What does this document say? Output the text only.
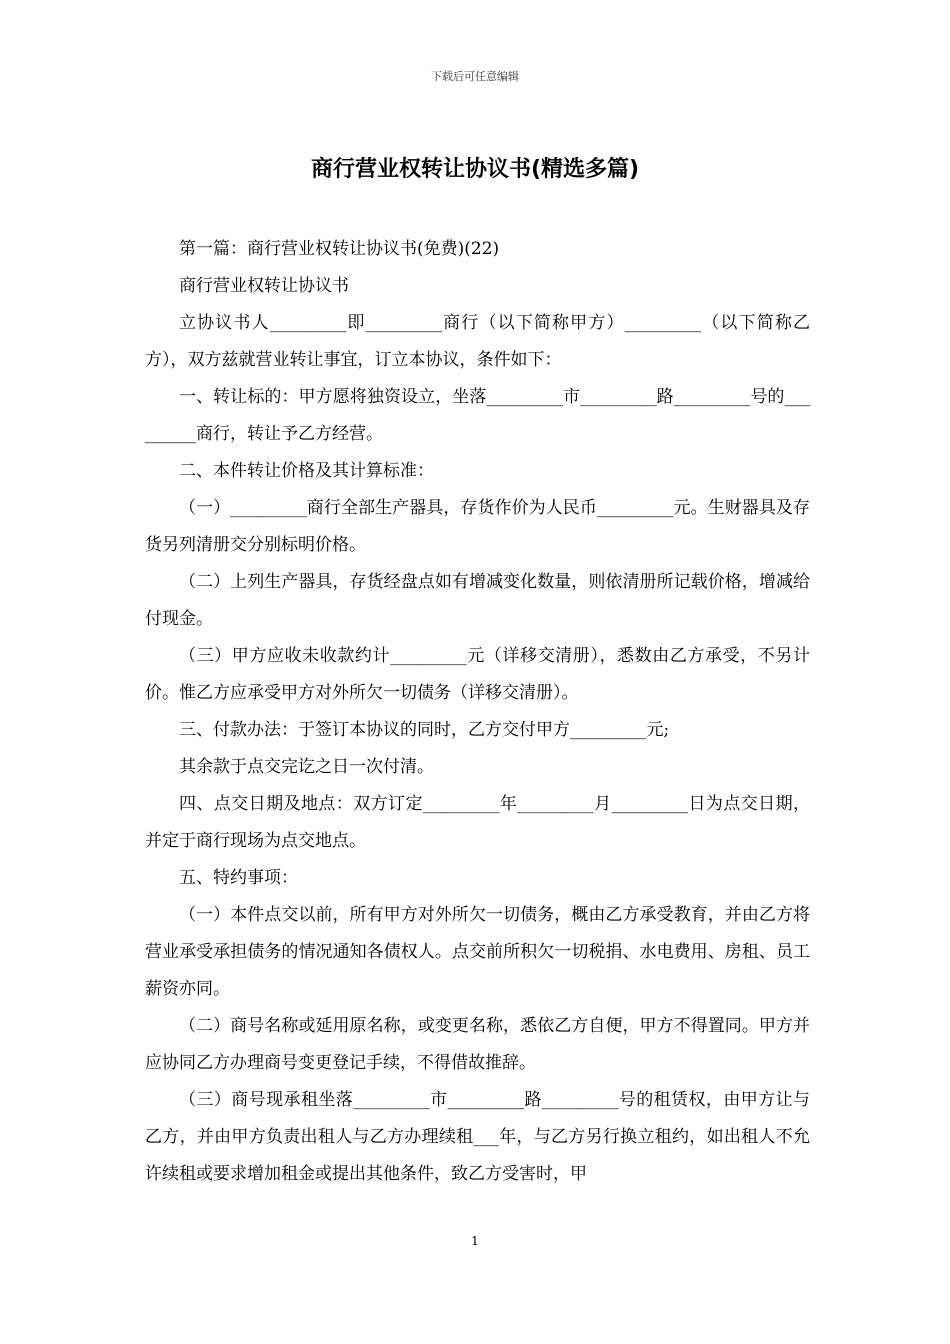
下载后可任意编辑
商行营业权转让协议书(精选多篇)

第一篇：商行营业权转让协议书(免费)(22)

商行营业权转让协议书

立协议书人_________即_________商行（以下简称甲方）_________（以下简称乙方），双方兹就营业转让事宜，订立本协议，条件如下：

一、转让标的：甲方愿将独资设立，坐落_________市_________路_________号的_________商行，转让予乙方经营。

二、本件转让价格及其计算标准：

（一）_________商行全部生产器具，存货作价为人民币_________元。生财器具及存货另列清册交分别标明价格。

（二）上列生产器具，存货经盘点如有增减变化数量，则依清册所记载价格，增减给付现金。

（三）甲方应收未收款约计_________元（详移交清册），悉数由乙方承受，不另计价。惟乙方应承受甲方对外所欠一切债务（详移交清册）。

三、付款办法：于签订本协议的同时，乙方交付甲方_________元;

其余款于点交完讫之日一次付清。

四、点交日期及地点：双方订定_________年_________月_________日为点交日期，并定于商行现场为点交地点。

五、特约事项：

（一）本件点交以前，所有甲方对外所欠一切债务，概由乙方承受教育，并由乙方将营业承受承担债务的情况通知各债权人。点交前所积欠一切税捐、水电费用、房租、员工薪资亦同。

（二）商号名称或延用原名称，或变更名称，悉依乙方自便，甲方不得置同。甲方并应协同乙方办理商号变更登记手续，不得借故推辞。

（三）商号现承租坐落_________市_________路_________号的租赁权，由甲方让与乙方，并由甲方负责出租人与乙方办理续租___年，与乙方另行换立租约，如出租人不允许续租或要求增加租金或提出其他条件，致乙方受害时，甲

1
